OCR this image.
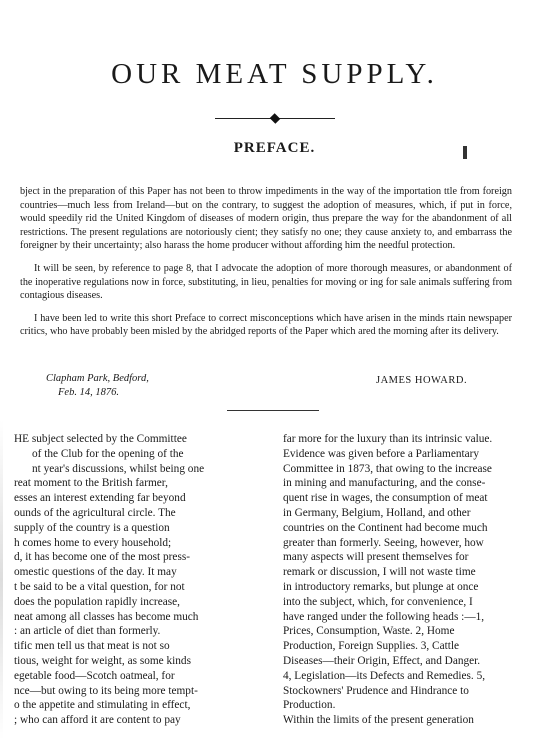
OUR MEAT SUPPLY.
PREFACE.

bject in the preparation of this Paper has not been to throw impediments in the way of the importation ttle from foreign countries—much less from Ireland—but on the contrary, to suggest the adoption of measures, which, if put in force, would speedily rid the United Kingdom of diseases of modern origin, thus prepare the way for the abandonment of all restrictions. The present regulations are notoriously cient; they satisfy no one; they cause anxiety to, and embarrass the foreigner by their uncertainty; also harass the home producer without affording him the needful protection.

It will be seen, by reference to page 8, that I advocate the adoption of more thorough measures, or abandonment of the inoperative regulations now in force, substituting, in lieu, penalties for moving or ing for sale animals suffering from contagious diseases.

I have been led to write this short Preface to correct misconceptions which have arisen in the minds rtain newspaper critics, who have probably been misled by the abridged reports of the Paper which ared the morning after its delivery.

Clapham Park, Bedford,
Feb. 14, 1876.
JAMES HOWARD.
HE subject selected by the Committee
of the Club for the opening of the
nt year's discussions, whilst being one
reat moment to the British farmer,
esses an interest extending far beyond
ounds of the agricultural circle. The
supply of the country is a question
h comes home to every household;
d, it has become one of the most press-
omestic questions of the day. It may
t be said to be a vital question, for not
does the population rapidly increase,
neat among all classes has become much
: an article of diet than formerly.
tific men tell us that meat is not so
tious, weight for weight, as some kinds
egetable food—Scotch oatmeal, for
nce—but owing to its being more tempt-
o the appetite and stimulating in effect,
; who can afford it are content to pay
far more for the luxury than its intrinsic value.
Evidence was given before a Parliamentary
Committee in 1873, that owing to the increase
in mining and manufacturing, and the conse-
quent rise in wages, the consumption of meat
in Germany, Belgium, Holland, and other
countries on the Continent had become much
greater than formerly. Seeing, however, how
many aspects will present themselves for
remark or discussion, I will not waste time
in introductory remarks, but plunge at once
into the subject, which, for convenience, I
have ranged under the following heads :—1,
Prices, Consumption, Waste. 2, Home
Production, Foreign Supplies. 3, Cattle
Diseases—their Origin, Effect, and Danger.
4, Legislation—its Defects and Remedies. 5,
Stockowners' Prudence and Hindrance to
Production.
Within the limits of the present generation
